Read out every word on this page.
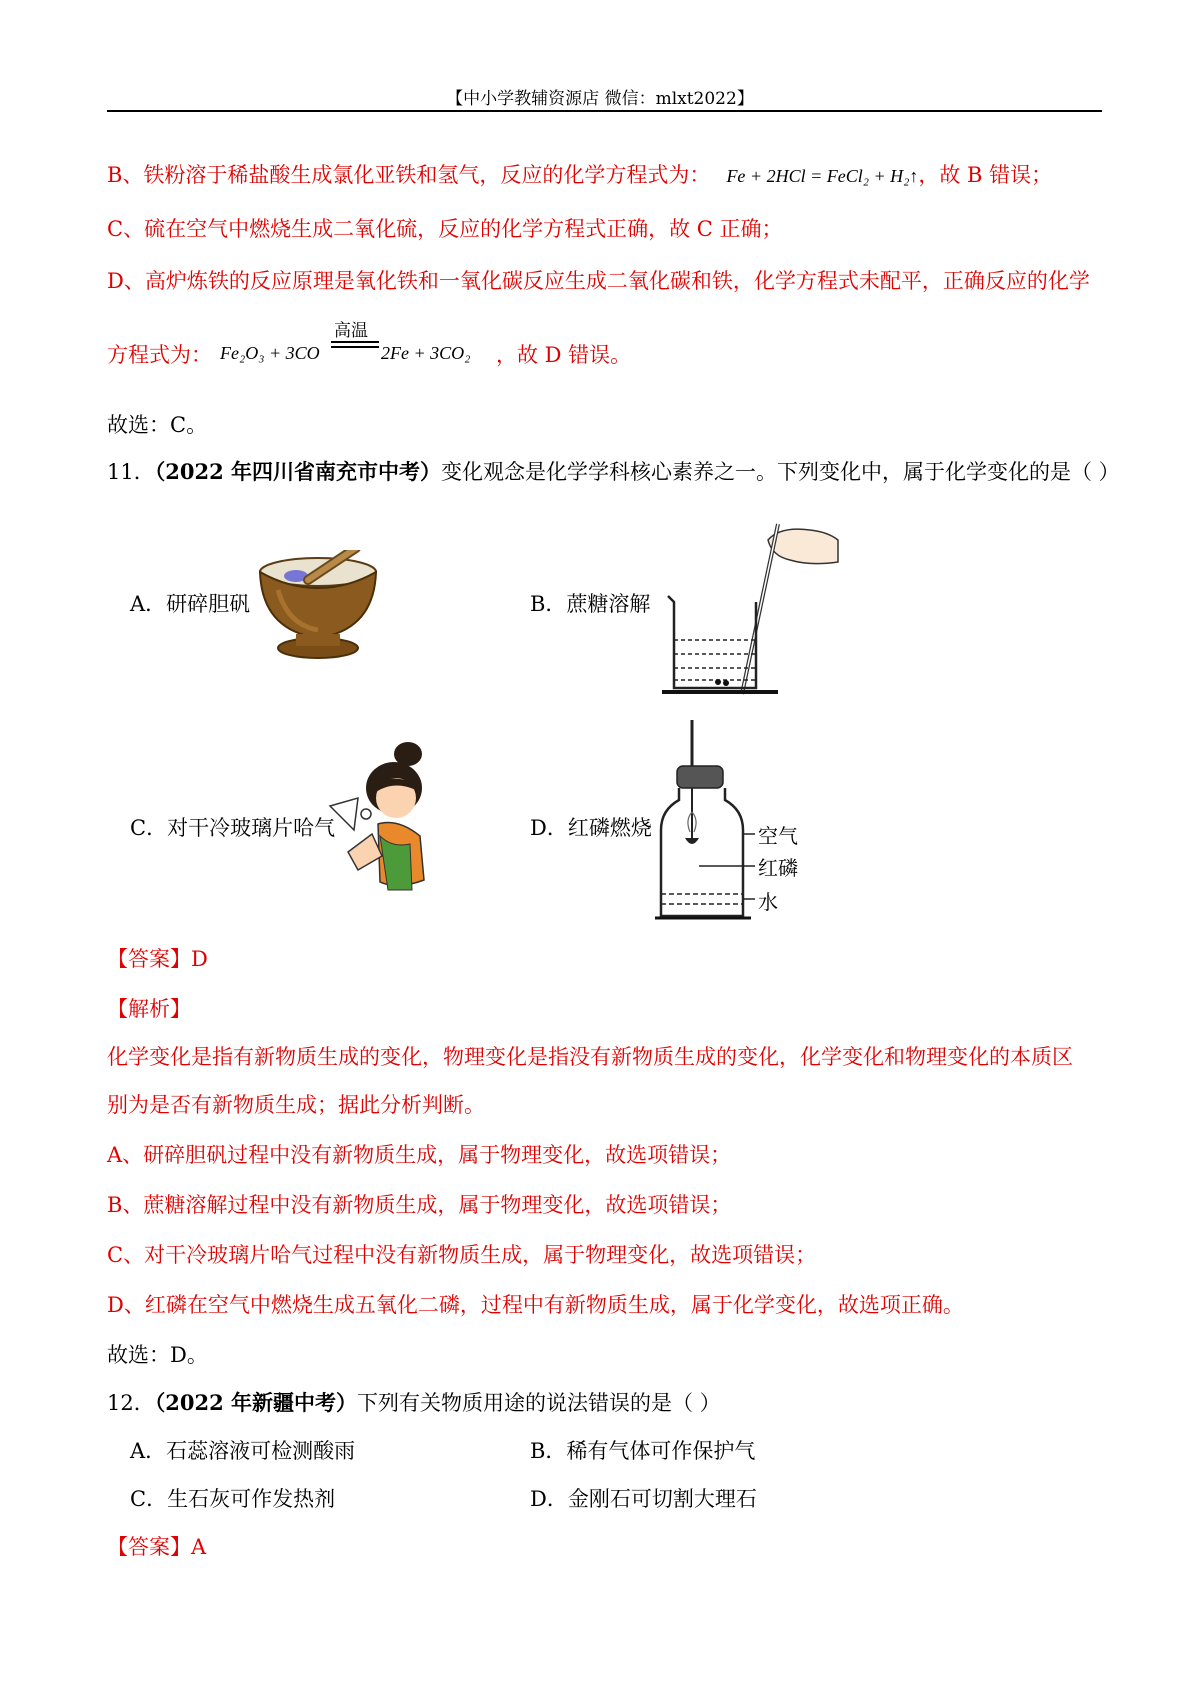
【中小学教辅资源店 微信：mlxt2022】
B、铁粉溶于稀盐酸生成氯化亚铁和氢气，反应的化学方程式为： Fe + 2HCl = FeCl₂ + H₂↑，故 B 错误；
C、硫在空气中燃烧生成二氧化硫，反应的化学方程式正确，故 C 正确；
D、高炉炼铁的反应原理是氧化铁和一氧化碳反应生成二氧化碳和铁，化学方程式未配平，正确反应的化学
方程式为： Fe₂O₃ + 3CO
高温
2Fe + 3CO₂ ，故 D 错误。
故选：C。
11．（2022 年四川省南充市中考）变化观念是化学学科核心素养之一。下列变化中，属于化学变化的是（ ）
A．研碎胆矾	B．蔗糖溶解
C．对干冷玻璃片哈气	D．红磷燃烧	空气
红磷
水
【答案】D
【解析】
化学变化是指有新物质生成的变化，物理变化是指没有新物质生成的变化，化学变化和物理变化的本质区
别为是否有新物质生成；据此分析判断。
A、研碎胆矾过程中没有新物质生成，属于物理变化，故选项错误；
B、蔗糖溶解过程中没有新物质生成，属于物理变化，故选项错误；
C、对干冷玻璃片哈气过程中没有新物质生成，属于物理变化，故选项错误；
D、红磷在空气中燃烧生成五氧化二磷，过程中有新物质生成，属于化学变化，故选项正确。
故选：D。
12．（2022 年新疆中考）下列有关物质用途的说法错误的是（ ）
A．石蕊溶液可检测酸雨	B．稀有气体可作保护气
C．生石灰可作发热剂	D．金刚石可切割大理石
【答案】A
